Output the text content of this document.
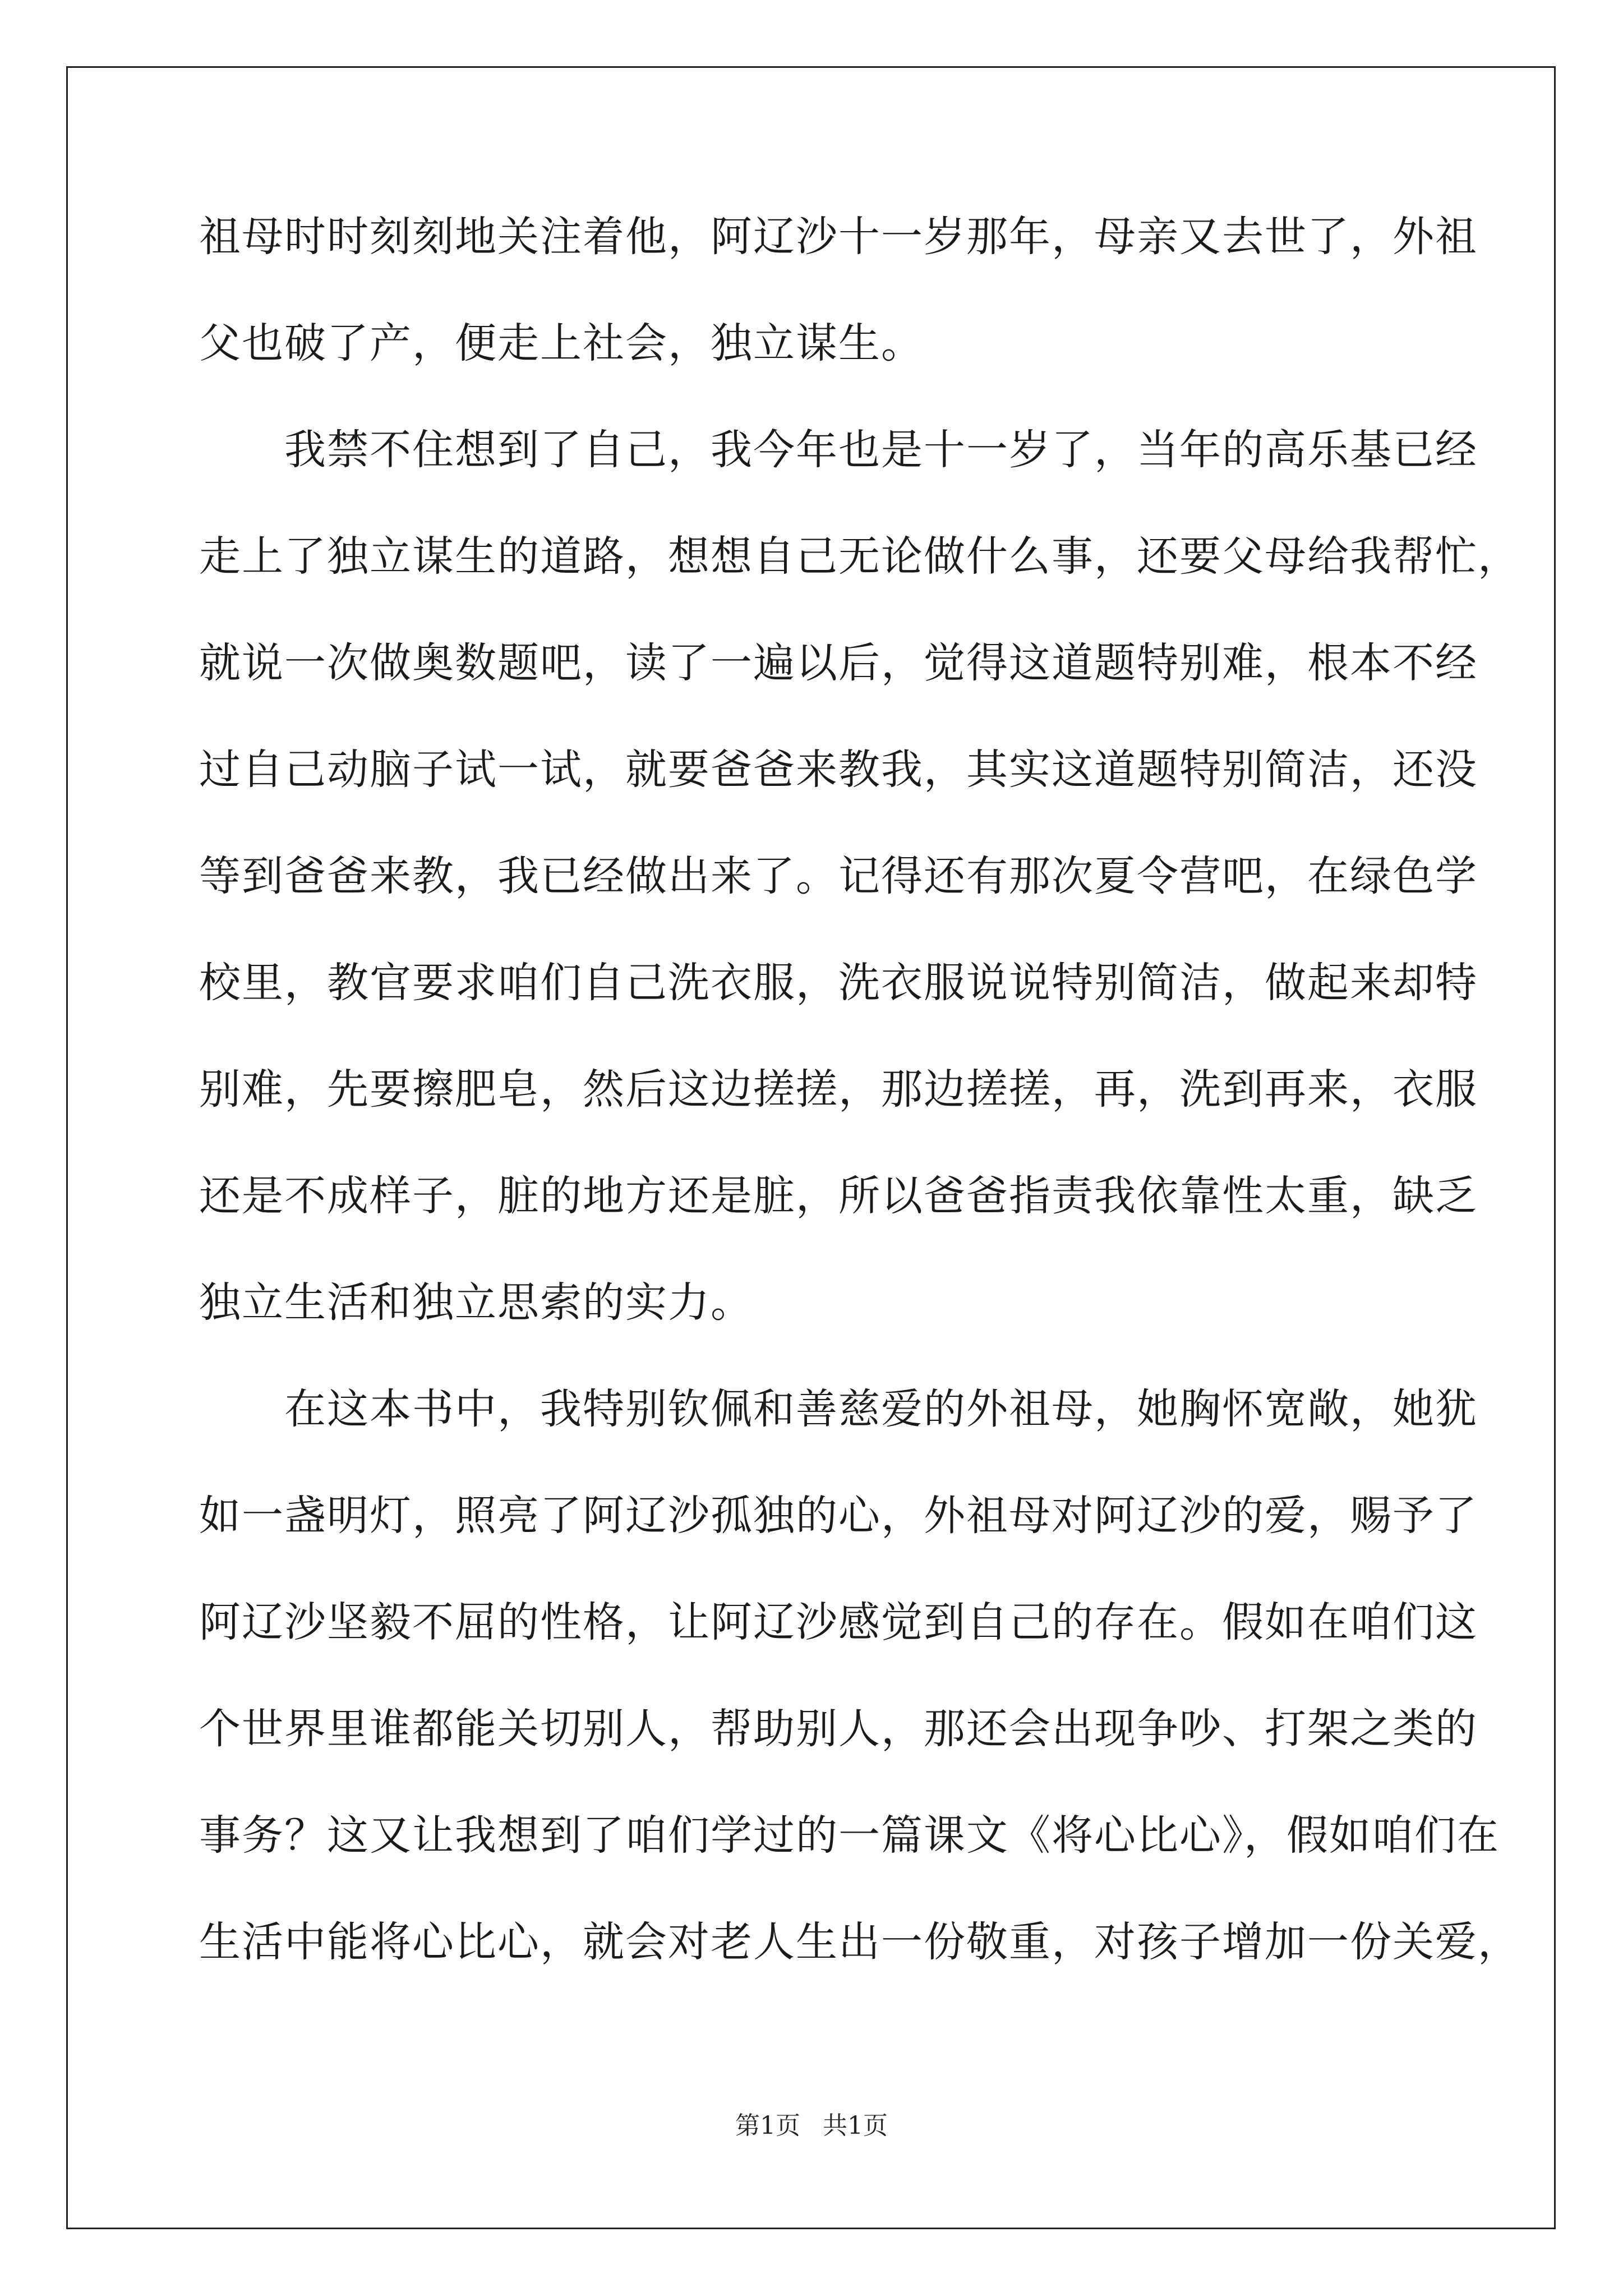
祖母时时刻刻地关注着他，阿辽沙十一岁那年，母亲又去世了，外祖
父也破了产，便走上社会，独立谋生。
　　我禁不住想到了自己，我今年也是十一岁了，当年的高乐基已经
走上了独立谋生的道路，想想自己无论做什么事，还要父母给我帮忙，
就说一次做奥数题吧，读了一遍以后，觉得这道题特别难，根本不经
过自己动脑子试一试，就要爸爸来教我，其实这道题特别简洁，还没
等到爸爸来教，我已经做出来了。记得还有那次夏令营吧，在绿色学
校里，教官要求咱们自己洗衣服，洗衣服说说特别简洁，做起来却特
别难，先要擦肥皂，然后这边搓搓，那边搓搓，再，洗到再来，衣服
还是不成样子，脏的地方还是脏，所以爸爸指责我依靠性太重，缺乏
独立生活和独立思索的实力。
　　在这本书中，我特别钦佩和善慈爱的外祖母，她胸怀宽敞，她犹
如一盏明灯，照亮了阿辽沙孤独的心，外祖母对阿辽沙的爱，赐予了
阿辽沙坚毅不屈的性格，让阿辽沙感觉到自己的存在。假如在咱们这
个世界里谁都能关切别人，帮助别人，那还会出现争吵、打架之类的
事务？这又让我想到了咱们学过的一篇课文《将心比心》，假如咱们在
生活中能将心比心，就会对老人生出一份敬重，对孩子增加一份关爱，
第1页 共1页
